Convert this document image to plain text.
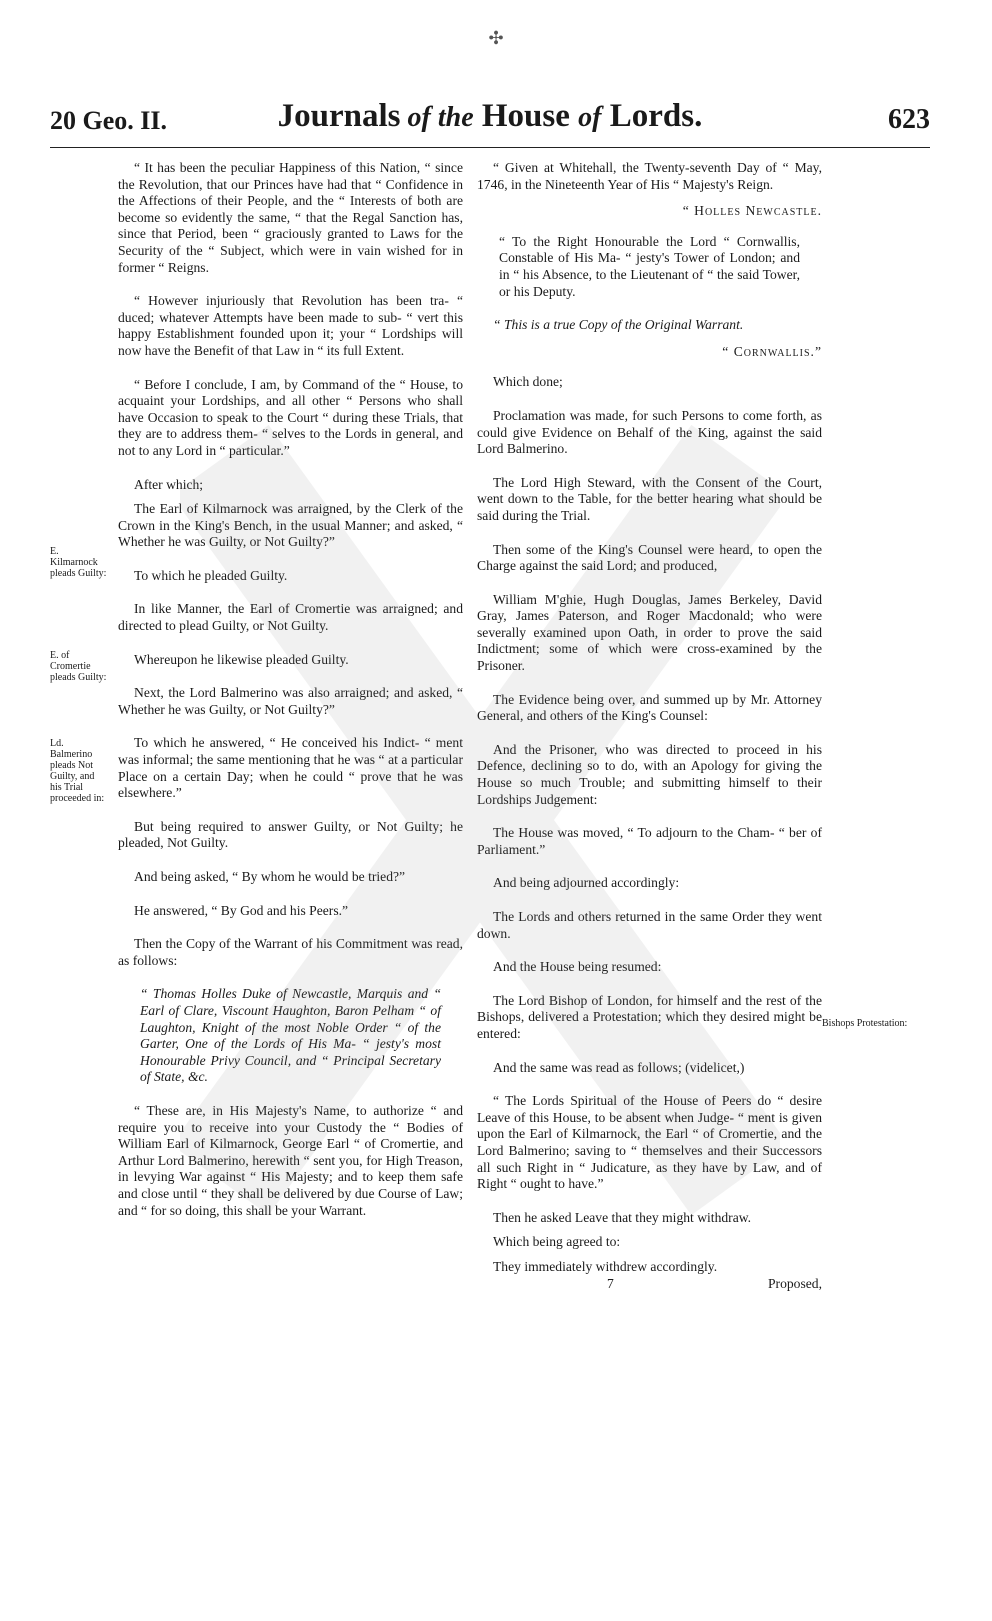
✣
20 Geo. II.	Journals of the House of Lords.	623
E. Kilmarnock pleads Guilty:
E. of Cromertie pleads Guilty:
Ld. Balmerino pleads Not Guilty, and his Trial proceeded in:
Bishops Protestation:

“ It has been the peculiar Happiness of this Nation, “ since the Revolution, that our Princes have had that “ Confidence in the Affections of their People, and the “ Interests of both are become so evidently the same, “ that the Regal Sanction has, since that Period, been “ graciously granted to Laws for the Security of the “ Subject, which were in vain wished for in former “ Reigns.

“ However injuriously that Revolution has been tra- “ duced; whatever Attempts have been made to sub- “ vert this happy Establishment founded upon it; your “ Lordships will now have the Benefit of that Law in “ its full Extent.

“ Before I conclude, I am, by Command of the “ House, to acquaint your Lordships, and all other “ Persons who shall have Occasion to speak to the Court “ during these Trials, that they are to address them- “ selves to the Lords in general, and not to any Lord in “ particular.”

After which;

The Earl of Kilmarnock was arraigned, by the Clerk of the Crown in the King's Bench, in the usual Manner; and asked, “ Whether he was Guilty, or Not Guilty?”

To which he pleaded Guilty.

In like Manner, the Earl of Cromertie was arraigned; and directed to plead Guilty, or Not Guilty.

Whereupon he likewise pleaded Guilty.

Next, the Lord Balmerino was also arraigned; and asked, “ Whether he was Guilty, or Not Guilty?”

To which he answered, “ He conceived his Indict- “ ment was informal; the same mentioning that he was “ at a particular Place on a certain Day; when he could “ prove that he was elsewhere.”

But being required to answer Guilty, or Not Guilty; he pleaded, Not Guilty.

And being asked, “ By whom he would be tried?”

He answered, “ By God and his Peers.”

Then the Copy of the Warrant of his Commitment was read, as follows:

“ Thomas Holles Duke of Newcastle, Marquis and “ Earl of Clare, Viscount Haughton, Baron Pelham “ of Laughton, Knight of the most Noble Order “ of the Garter, One of the Lords of His Ma- “ jesty's most Honourable Privy Council, and “ Principal Secretary of State, &c.

“ These are, in His Majesty's Name, to authorize “ and require you to receive into your Custody the “ Bodies of William Earl of Kilmarnock, George Earl “ of Cromertie, and Arthur Lord Balmerino, herewith “ sent you, for High Treason, in levying War against “ His Majesty; and to keep them safe and close until “ they shall be delivered by due Course of Law; and “ for so doing, this shall be your Warrant.

“ Given at Whitehall, the Twenty-seventh Day of “ May, 1746, in the Nineteenth Year of His “ Majesty's Reign.

“ Holles Newcastle.

“ To the Right Honourable the Lord “ Cornwallis, Constable of His Ma- “ jesty's Tower of London; and in “ his Absence, to the Lieutenant of “ the said Tower, or his Deputy.

“ This is a true Copy of the Original Warrant.

“ Cornwallis.”

Which done;

Proclamation was made, for such Persons to come forth, as could give Evidence on Behalf of the King, against the said Lord Balmerino.

The Lord High Steward, with the Consent of the Court, went down to the Table, for the better hearing what should be said during the Trial.

Then some of the King's Counsel were heard, to open the Charge against the said Lord; and produced,

William M'ghie, Hugh Douglas, James Berkeley, David Gray, James Paterson, and Roger Macdonald; who were severally examined upon Oath, in order to prove the said Indictment; some of which were cross-examined by the Prisoner.

The Evidence being over, and summed up by Mr. Attorney General, and others of the King's Counsel:

And the Prisoner, who was directed to proceed in his Defence, declining so to do, with an Apology for giving the House so much Trouble; and submitting himself to their Lordships Judgement:

The House was moved, “ To adjourn to the Cham- “ ber of Parliament.”

And being adjourned accordingly:

The Lords and others returned in the same Order they went down.

And the House being resumed:

The Lord Bishop of London, for himself and the rest of the Bishops, delivered a Protestation; which they desired might be entered:

And the same was read as follows; (videlicet,)

“ The Lords Spiritual of the House of Peers do “ desire Leave of this House, to be absent when Judge- “ ment is given upon the Earl of Kilmarnock, the Earl “ of Cromertie, and the Lord Balmerino; saving to “ themselves and their Successors all such Right in “ Judicature, as they have by Law, and of Right “ ought to have.”

Then he asked Leave that they might withdraw.

Which being agreed to:

They immediately withdrew accordingly.

7	Proposed,
